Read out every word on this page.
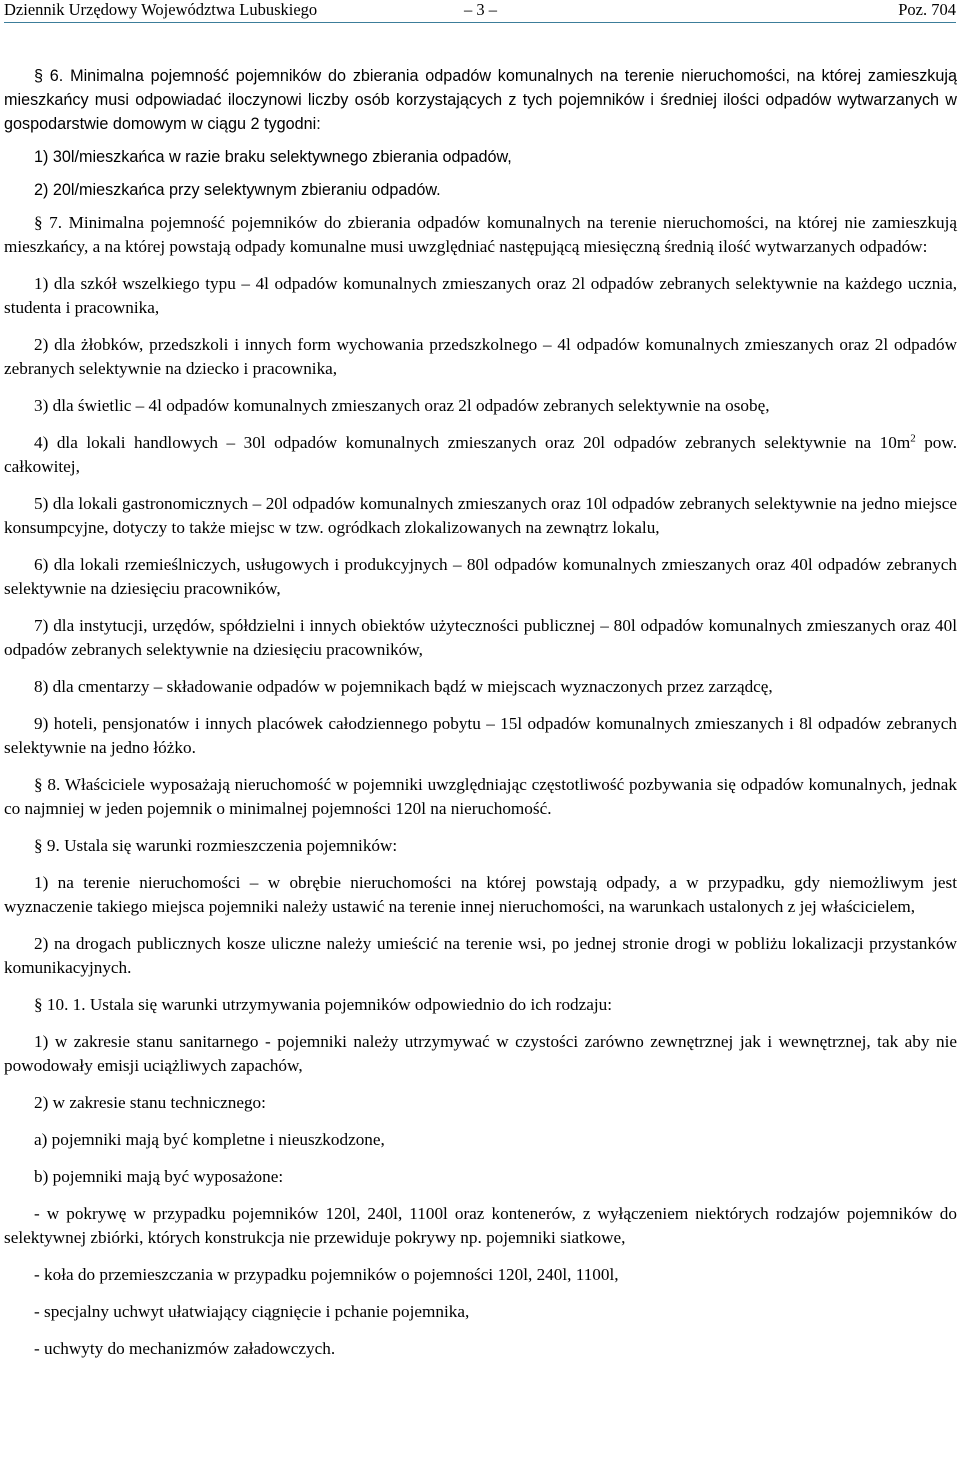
Dziennik Urzędowy Województwa Lubuskiego	– 3 –	Poz. 704

§ 6. Minimalna pojemność pojemników do zbierania odpadów komunalnych na terenie nieruchomości, na której zamieszkują mieszkańcy musi odpowiadać iloczynowi liczby osób korzystających z tych pojemników i średniej ilości odpadów wytwarzanych w gospodarstwie domowym w ciągu 2 tygodni:

1) 30l/mieszkańca w razie braku selektywnego zbierania odpadów,

2) 20l/mieszkańca przy selektywnym zbieraniu odpadów.

§ 7. Minimalna pojemność pojemników do zbierania odpadów komunalnych na terenie nieruchomości, na której nie zamieszkują mieszkańcy, a na której powstają odpady komunalne musi uwzględniać następującą miesięczną średnią ilość wytwarzanych odpadów:

1) dla szkół wszelkiego typu – 4l odpadów komunalnych zmieszanych oraz 2l odpadów zebranych selektywnie na każdego ucznia, studenta i pracownika,

2) dla żłobków, przedszkoli i innych form wychowania przedszkolnego – 4l odpadów komunalnych zmieszanych oraz 2l odpadów zebranych selektywnie na dziecko i pracownika,

3) dla świetlic – 4l odpadów komunalnych zmieszanych oraz 2l odpadów zebranych selektywnie na osobę,

4) dla lokali handlowych – 30l odpadów komunalnych zmieszanych oraz 20l odpadów zebranych selektywnie na $10m^2$ pow. całkowitej,

5) dla lokali gastronomicznych – 20l odpadów komunalnych zmieszanych oraz 10l odpadów zebranych selektywnie na jedno miejsce konsumpcyjne, dotyczy to także miejsc w tzw. ogródkach zlokalizowanych na zewnątrz lokalu,

6) dla lokali rzemieślniczych, usługowych i produkcyjnych – 80l odpadów komunalnych zmieszanych oraz 40l odpadów zebranych selektywnie na dziesięciu pracowników,

7) dla instytucji, urzędów, spółdzielni i innych obiektów użyteczności publicznej – 80l odpadów komunalnych zmieszanych oraz 40l odpadów zebranych selektywnie na dziesięciu pracowników,

8) dla cmentarzy – składowanie odpadów w pojemnikach bądź w miejscach wyznaczonych przez zarządcę,

9) hoteli, pensjonatów i innych placówek całodziennego pobytu – 15l odpadów komunalnych zmieszanych i 8l odpadów zebranych selektywnie na jedno łóżko.

§ 8. Właściciele wyposażają nieruchomość w pojemniki uwzględniając częstotliwość pozbywania się odpadów komunalnych, jednak co najmniej w jeden pojemnik o minimalnej pojemności 120l na nieruchomość.

§ 9. Ustala się warunki rozmieszczenia pojemników:

1) na terenie nieruchomości – w obrębie nieruchomości na której powstają odpady, a w przypadku, gdy niemożliwym jest wyznaczenie takiego miejsca pojemniki należy ustawić na terenie innej nieruchomości, na warunkach ustalonych z jej właścicielem,

2) na drogach publicznych kosze uliczne należy umieścić na terenie wsi, po jednej stronie drogi w pobliżu lokalizacji przystanków komunikacyjnych.

§ 10. 1. Ustala się warunki utrzymywania pojemników odpowiednio do ich rodzaju:

1) w zakresie stanu sanitarnego - pojemniki należy utrzymywać w czystości zarówno zewnętrznej jak i wewnętrznej, tak aby nie powodowały emisji uciążliwych zapachów,

2) w zakresie stanu technicznego:

a) pojemniki mają być kompletne i nieuszkodzone,

b) pojemniki mają być wyposażone:

- w pokrywę w przypadku pojemników 120l, 240l, 1100l oraz kontenerów, z wyłączeniem niektórych rodzajów pojemników do selektywnej zbiórki, których konstrukcja nie przewiduje pokrywy np. pojemniki siatkowe,

- koła do przemieszczania w przypadku pojemników o pojemności 120l, 240l, 1100l,

- specjalny uchwyt ułatwiający ciągnięcie i pchanie pojemnika,

- uchwyty do mechanizmów załadowczych.
